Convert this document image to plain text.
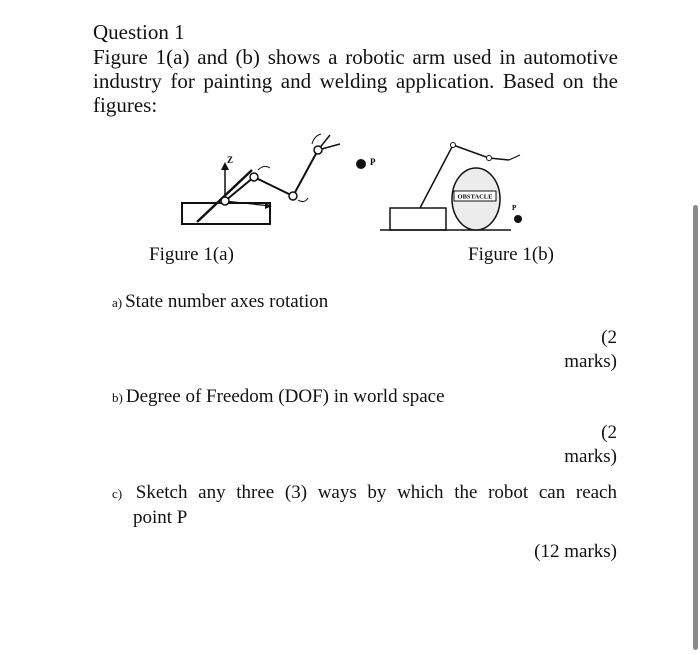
Question 1
Figure 1(a) and (b) shows a robotic arm used in automotive
industry for painting and welding application. Based on the
figures:
Z	P
Figure 1(a)
OBSTACLE
P
Figure 1(b)
a) State number axes rotation
(2
marks)
b) Degree of Freedom (DOF) in world space
(2
marks)
c) Sketch any three (3) ways by which the robot can reach
point P
(12 marks)
